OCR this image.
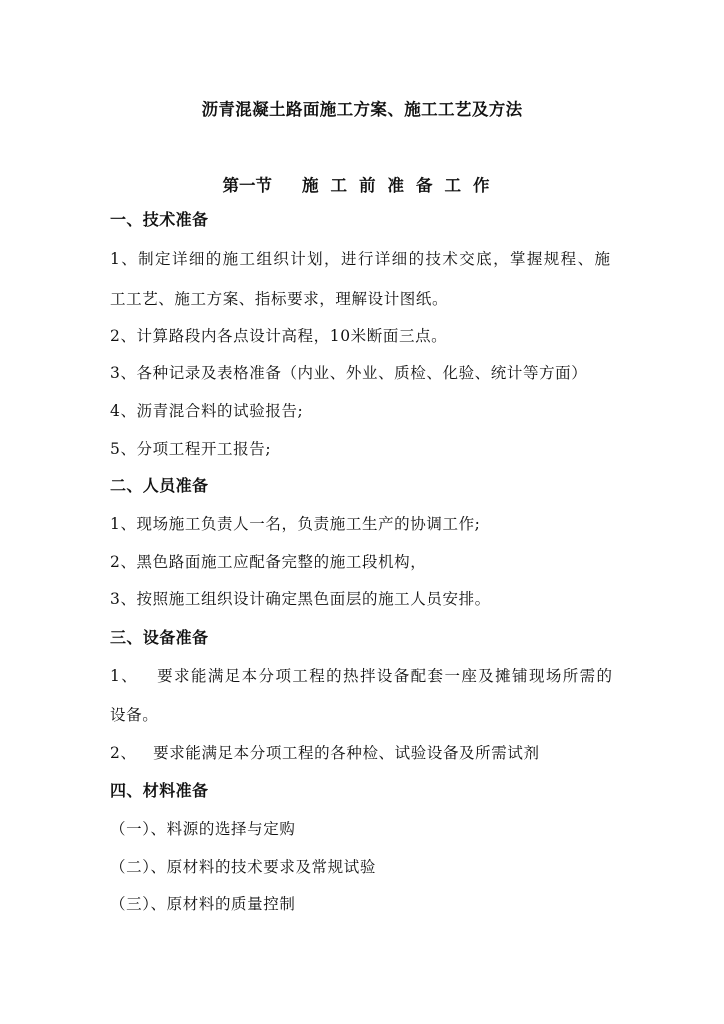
沥青混凝土路面施工方案、施工工艺及方法
第一节 施工前准备工作
一、技术准备
1、制定详细的施工组织计划，进行详细的技术交底，掌握规程、施
工工艺、施工方案、指标要求，理解设计图纸。
2、计算路段内各点设计高程，10米断面三点。
3、各种记录及表格准备（内业、外业、质检、化验、统计等方面）
4、沥青混合料的试验报告;
5、分项工程开工报告;
二、人员准备
1、现场施工负责人一名，负责施工生产的协调工作;
2、黑色路面施工应配备完整的施工段机构，
3、按照施工组织设计确定黑色面层的施工人员安排。
三、设备准备
1、   要求能满足本分项工程的热拌设备配套一座及摊铺现场所需的
设备。
2、   要求能满足本分项工程的各种检、试验设备及所需试剂
四、材料准备
（一）、料源的选择与定购
（二）、原材料的技术要求及常规试验
（三）、原材料的质量控制
